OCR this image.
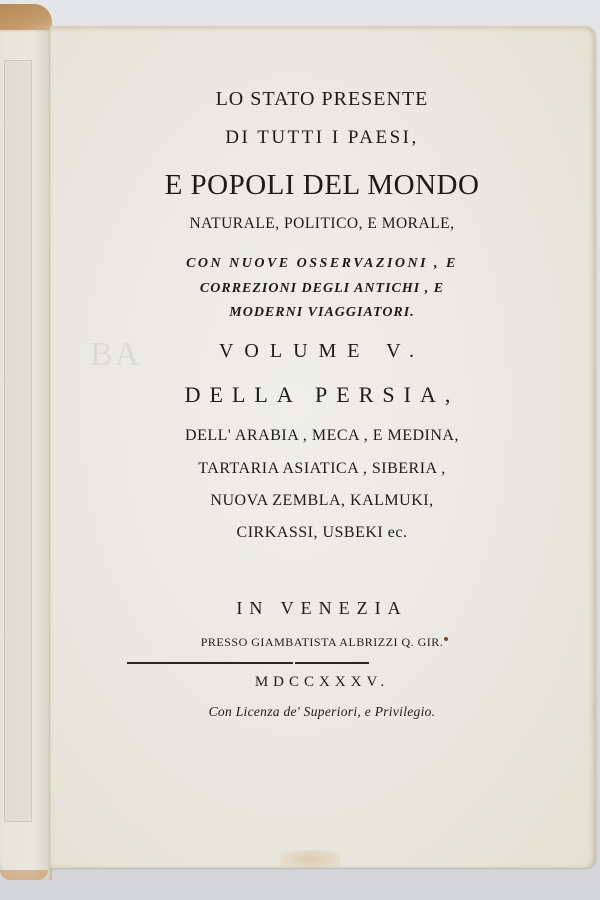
BA
LO STATO PRESENTE
DI TUTTI I PAESI,
E POPOLI DEL MONDO
NATURALE, POLITICO, E MORALE,
CON NUOVE OSSERVAZIONI , E
CORREZIONI DEGLI ANTICHI , E
MODERNI VIAGGIATORI.
VOLUME V.
DELLA PERSIA,
DELL' ARABIA , MECA , E MEDINA,
TARTARIA ASIATICA , SIBERIA ,
NUOVA ZEMBLA, KALMUKI,
CIRKASSI, USBEKI ec.
IN VENEZIA
PRESSO GIAMBATISTA ALBRIZZI Q. GIR.
MDCCXXXV.
Con Licenza de' Superiori, e Privilegio.
